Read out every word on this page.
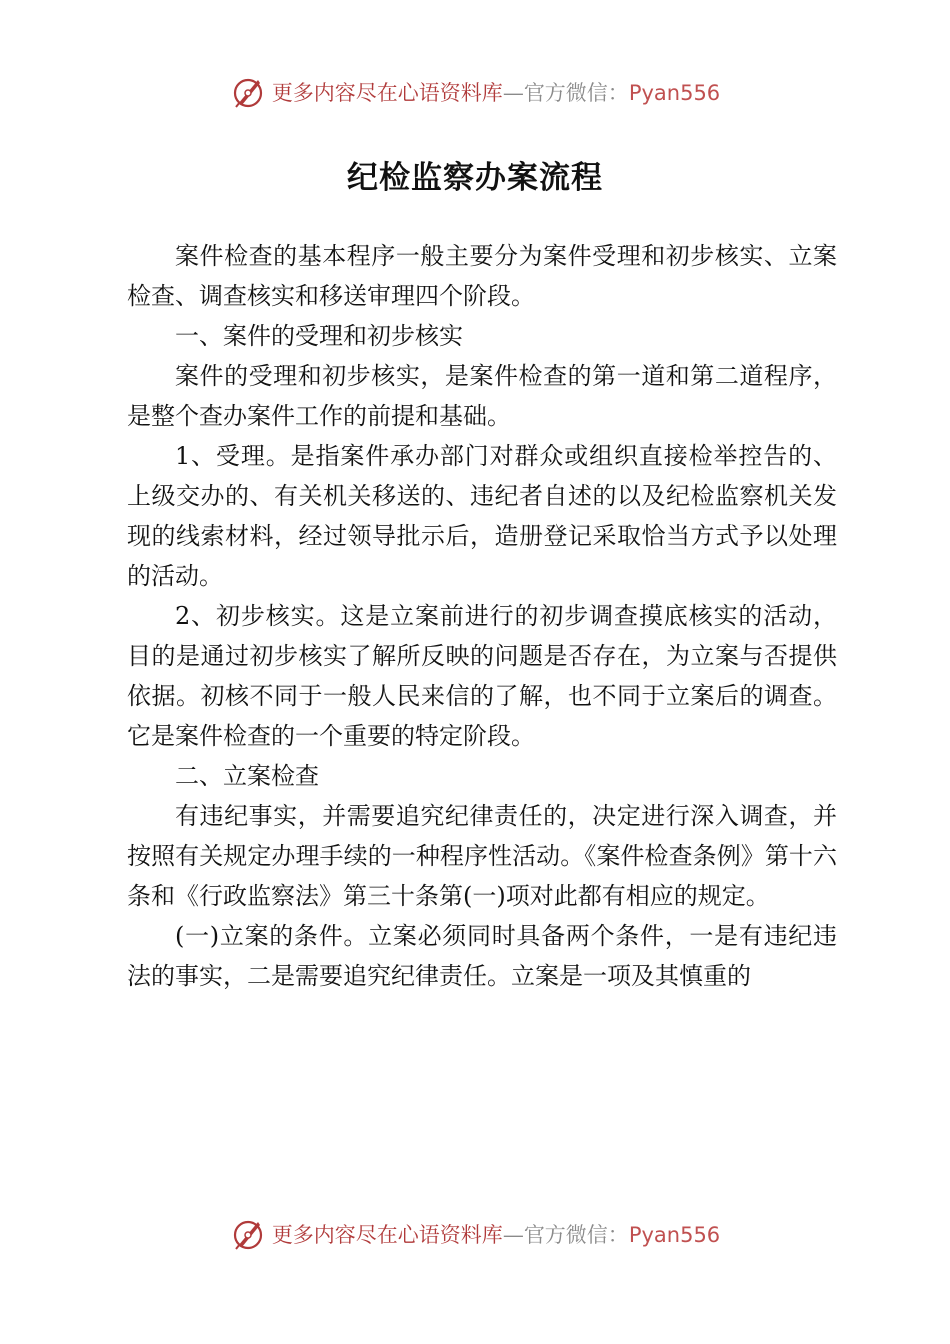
更多内容尽在心语资料库—官方微信：Pyan556
纪检监察办案流程

案件检查的基本程序一般主要分为案件受理和初步核实、立案检查、调查核实和移送审理四个阶段。

一、案件的受理和初步核实

案件的受理和初步核实，是案件检查的第一道和第二道程序，是整个查办案件工作的前提和基础。

1、受理。是指案件承办部门对群众或组织直接检举控告的、上级交办的、有关机关移送的、违纪者自述的以及纪检监察机关发现的线索材料，经过领导批示后，造册登记采取恰当方式予以处理的活动。

2、初步核实。这是立案前进行的初步调查摸底核实的活动，目的是通过初步核实了解所反映的问题是否存在，为立案与否提供依据。初核不同于一般人民来信的了解，也不同于立案后的调查。它是案件检查的一个重要的特定阶段。

二、立案检查

有违纪事实，并需要追究纪律责任的，决定进行深入调查，并按照有关规定办理手续的一种程序性活动。《案件检查条例》第十六条和《行政监察法》第三十条第(一)项对此都有相应的规定。

(一)立案的条件。立案必须同时具备两个条件，一是有违纪违法的事实，二是需要追究纪律责任。立案是一项及其慎重的

更多内容尽在心语资料库—官方微信：Pyan556
